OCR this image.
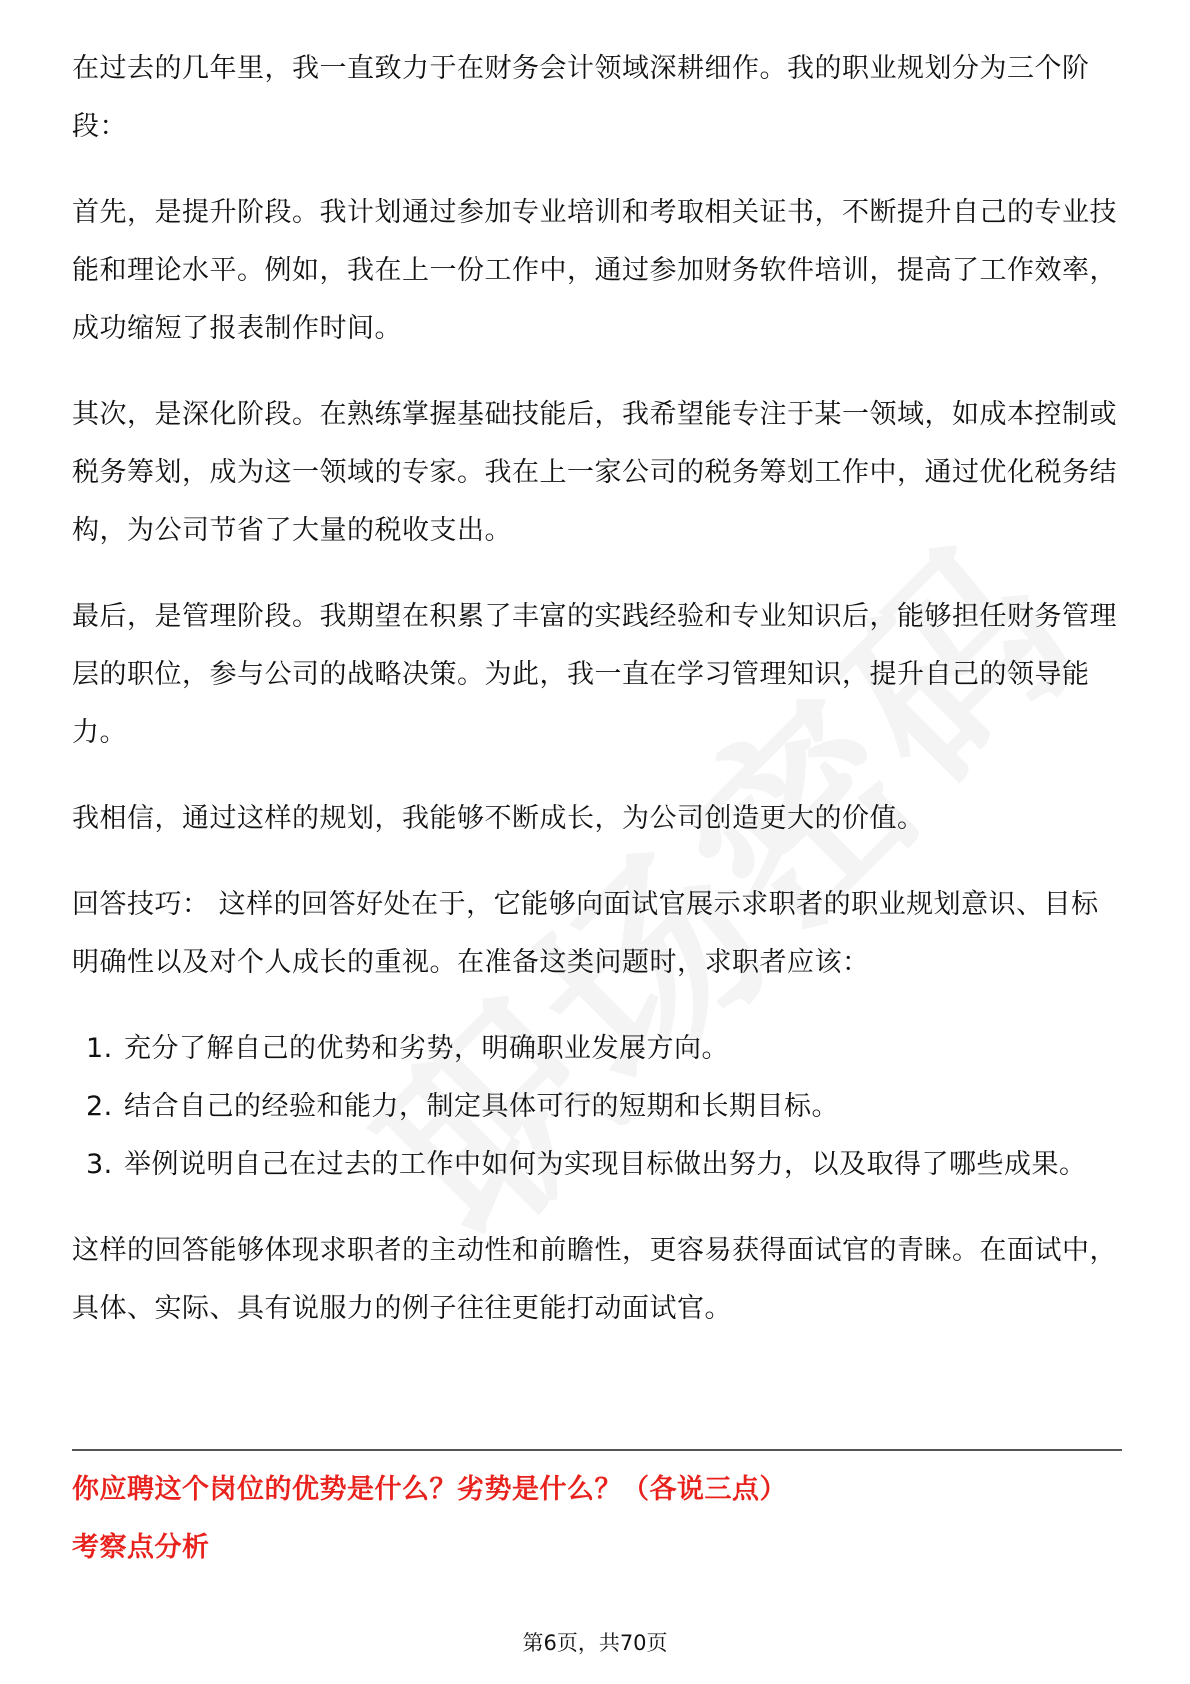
在过去的几年里，我一直致力于在财务会计领域深耕细作。我的职业规划分为三个阶段：

首先，是提升阶段。我计划通过参加专业培训和考取相关证书，不断提升自己的专业技能和理论水平。例如，我在上一份工作中，通过参加财务软件培训，提高了工作效率，成功缩短了报表制作时间。

其次，是深化阶段。在熟练掌握基础技能后，我希望能专注于某一领域，如成本控制或税务筹划，成为这一领域的专家。我在上一家公司的税务筹划工作中，通过优化税务结构，为公司节省了大量的税收支出。

最后，是管理阶段。我期望在积累了丰富的实践经验和专业知识后，能够担任财务管理层的职位，参与公司的战略决策。为此，我一直在学习管理知识，提升自己的领导能力。

我相信，通过这样的规划，我能够不断成长，为公司创造更大的价值。

回答技巧： 这样的回答好处在于，它能够向面试官展示求职者的职业规划意识、目标明确性以及对个人成长的重视。在准备这类问题时，求职者应该：

1. 充分了解自己的优势和劣势，明确职业发展方向。
2. 结合自己的经验和能力，制定具体可行的短期和长期目标。
3. 举例说明自己在过去的工作中如何为实现目标做出努力，以及取得了哪些成果。

这样的回答能够体现求职者的主动性和前瞻性，更容易获得面试官的青睐。在面试中，具体、实际、具有说服力的例子往往更能打动面试官。

你应聘这个岗位的优势是什么？劣势是什么？（各说三点）
考察点分析
第6页，共70页
